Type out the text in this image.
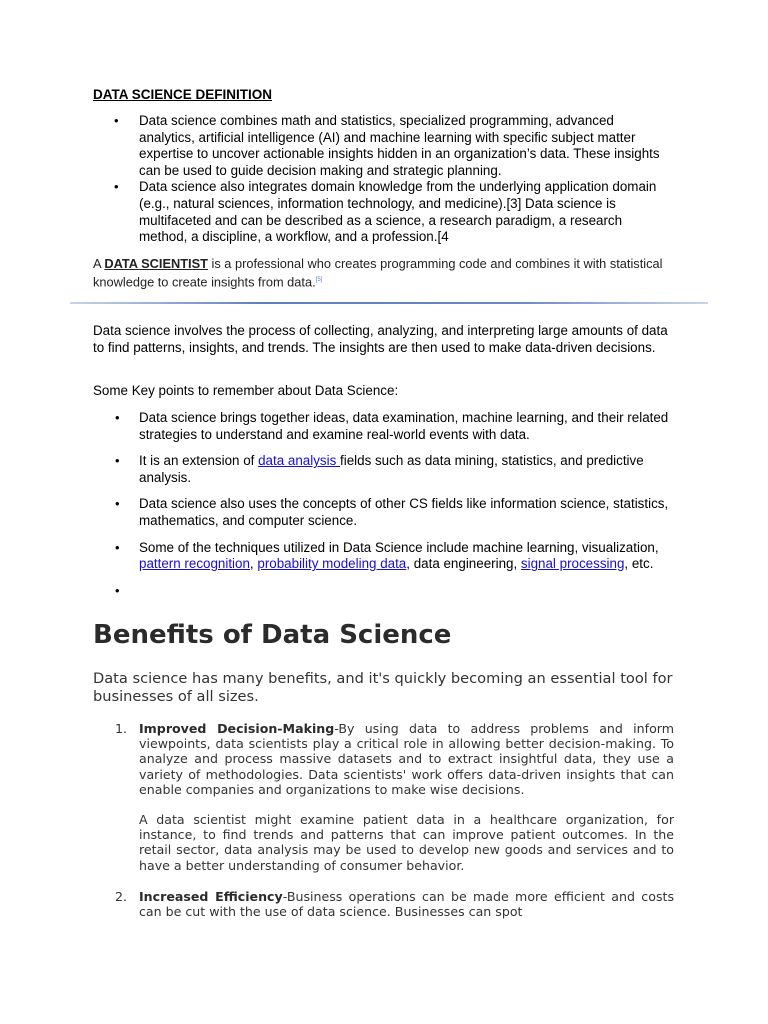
DATA SCIENCE DEFINITION
• Data science combines math and statistics, specialized programming, advanced analytics, artificial intelligence (AI) and machine learning with specific subject matter expertise to uncover actionable insights hidden in an organization’s data. These insights can be used to guide decision making and strategic planning.
• Data science also integrates domain knowledge from the underlying application domain (e.g., natural sciences, information technology, and medicine).[3] Data science is multifaceted and can be described as a science, a research paradigm, a research method, a discipline, a workflow, and a profession.[4

A DATA SCIENTIST is a professional who creates programming code and combines it with statistical knowledge to create insights from data.[5]

Data science involves the process of collecting, analyzing, and interpreting large amounts of data to find patterns, insights, and trends. The insights are then used to make data-driven decisions.

Some Key points to remember about Data Science:

• Data science brings together ideas, data examination, machine learning, and their related strategies to understand and examine real-world events with data.
• It is an extension of data analysis fields such as data mining, statistics, and predictive analysis.
• Data science also uses the concepts of other CS fields like information science, statistics, mathematics, and computer science.
• Some of the techniques utilized in Data Science include machine learning, visualization, pattern recognition, probability modeling data, data engineering, signal processing, etc.
•
Benefits of Data Science

Data science has many benefits, and it's quickly becoming an essential tool for businesses of all sizes.

1. Improved Decision-Making-By using data to address problems and inform viewpoints, data scientists play a critical role in allowing better decision-making. To analyze and process massive datasets and to extract insightful data, they use a variety of methodologies. Data scientists' work offers data-driven insights that can enable companies and organizations to make wise decisions.

A data scientist might examine patient data in a healthcare organization, for instance, to find trends and patterns that can improve patient outcomes. In the retail sector, data analysis may be used to develop new goods and services and to have a better understanding of consumer behavior.

2. Increased Efficiency-Business operations can be made more efficient and costs can be cut with the use of data science. Businesses can spot
